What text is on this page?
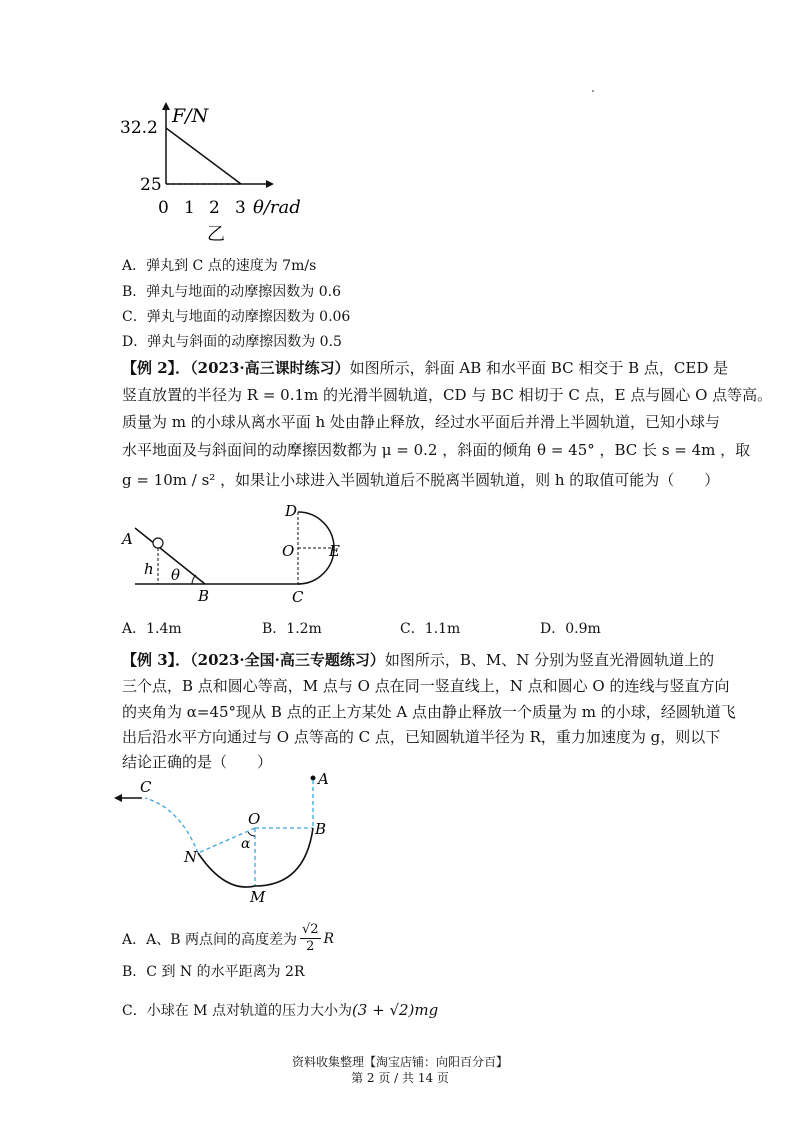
F/N
32.2
25
0 1 2 3 θ/rad
乙
A．弹丸到 C 点的速度为 7m/s
B．弹丸与地面的动摩擦因数为 0.6
C．弹丸与地面的动摩擦因数为 0.06
D．弹丸与斜面的动摩擦因数为 0.5
【例 2】．（2023·高三课时练习）如图所示，斜面 AB 和水平面 BC 相交于 B 点，CED 是
竖直放置的半径为 R = 0.1m 的光滑半圆轨道，CD 与 BC 相切于 C 点，E 点与圆心 O 点等高。
质量为 m 的小球从离水平面 h 处由静止释放，经过水平面后并滑上半圆轨道，已知小球与
水平地面及与斜面间的动摩擦因数都为 μ = 0.2 ，斜面的倾角 θ = 45° ，BC 长 s = 4m ，取
g = 10m / s² ，如果让小球进入半圆轨道后不脱离半圆轨道，则 h 的取值可能为（　　）
A
h θ
B	C
D
O E
A．1.4m	B．1.2m	C．1.1m	D．0.9m
【例 3】．（2023·全国·高三专题练习）如图所示，B、M、N 分别为竖直光滑圆轨道上的
三个点，B 点和圆心等高，M 点与 O 点在同一竖直线上，N 点和圆心 O 的连线与竖直方向
的夹角为 α=45°现从 B 点的正上方某处 A 点由静止释放一个质量为 m 的小球，经圆轨道飞
出后沿水平方向通过与 O 点等高的 C 点，已知圆轨道半径为 R，重力加速度为 g，则以下
结论正确的是（　　）
A
C
O
B
α
N
M
A．A、B 两点间的高度差为 $\frac{√2}{2}$ R
B．C 到 N 的水平距离为 2R
C．小球在 M 点对轨道的压力大小为(3 + √2)mg
资料收集整理【淘宝店铺：向阳百分百】
第 2 页 / 共 14 页
